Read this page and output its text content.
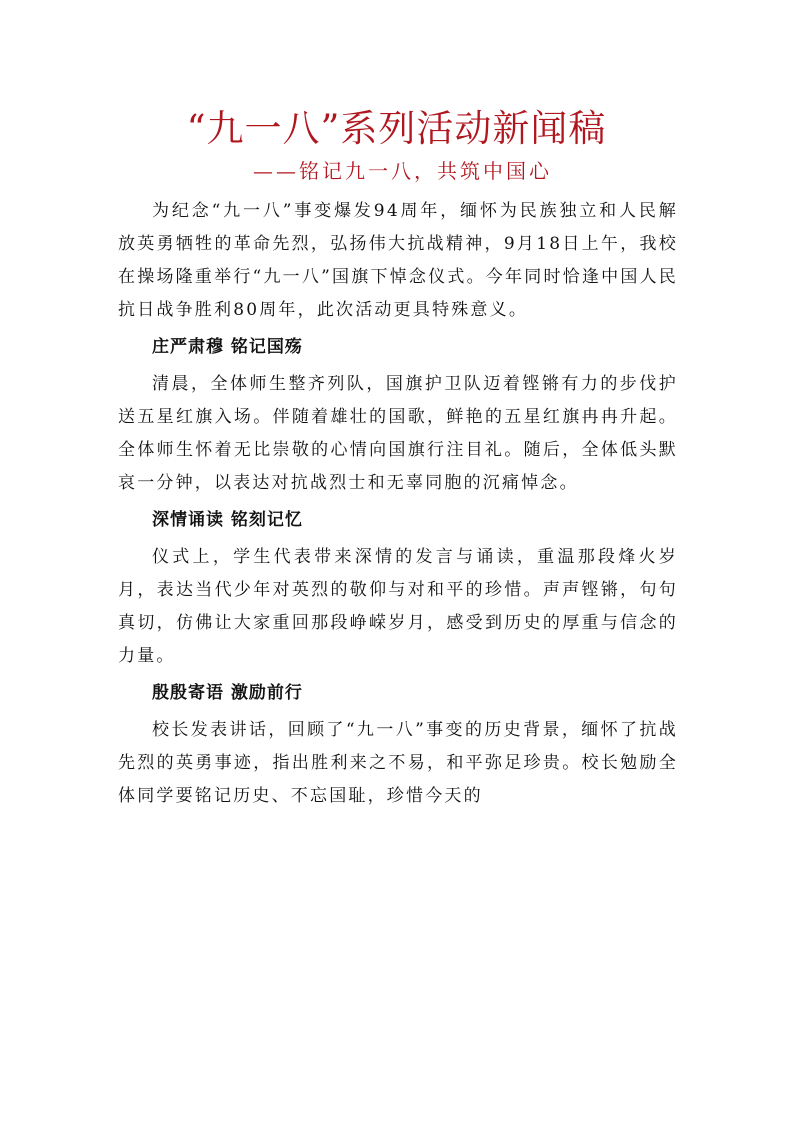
“九一八”系列活动新闻稿
——铭记九一八，共筑中国心

为纪念“九一八”事变爆发94周年，缅怀为民族独立和人民解放英勇牺牲的革命先烈，弘扬伟大抗战精神，9月18日上午，我校在操场隆重举行“九一八”国旗下悼念仪式。今年同时恰逢中国人民抗日战争胜利80周年，此次活动更具特殊意义。

庄严肃穆 铭记国殇

清晨，全体师生整齐列队，国旗护卫队迈着铿锵有力的步伐护送五星红旗入场。伴随着雄壮的国歌，鲜艳的五星红旗冉冉升起。全体师生怀着无比崇敬的心情向国旗行注目礼。随后，全体低头默哀一分钟，以表达对抗战烈士和无辜同胞的沉痛悼念。

深情诵读 铭刻记忆

仪式上，学生代表带来深情的发言与诵读，重温那段烽火岁月，表达当代少年对英烈的敬仰与对和平的珍惜。声声铿锵，句句真切，仿佛让大家重回那段峥嵘岁月，感受到历史的厚重与信念的力量。

殷殷寄语 激励前行

校长发表讲话，回顾了“九一八”事变的历史背景，缅怀了抗战先烈的英勇事迹，指出胜利来之不易，和平弥足珍贵。校长勉励全体同学要铭记历史、不忘国耻，珍惜今天的
